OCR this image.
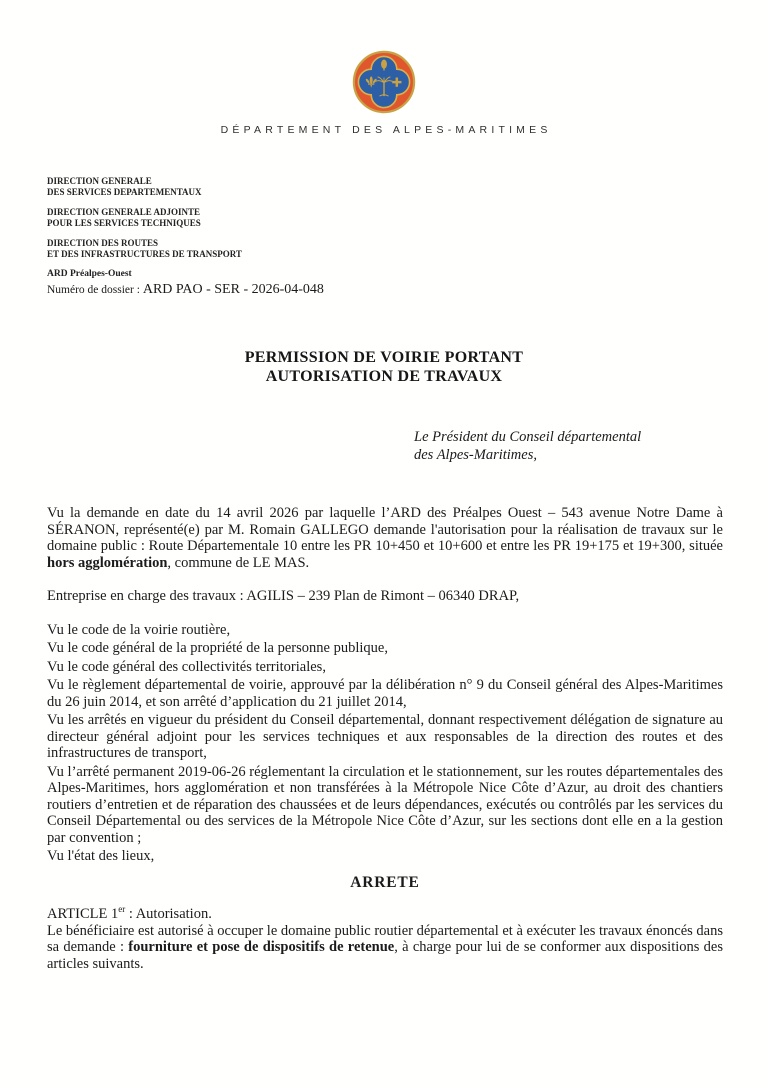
DÉPARTEMENT DES ALPES-MARITIMES
DIRECTION GENERALE
DES SERVICES DEPARTEMENTAUX
DIRECTION GENERALE ADJOINTE
POUR LES SERVICES TECHNIQUES
DIRECTION DES ROUTES
ET DES INFRASTRUCTURES DE TRANSPORT
ARD Préalpes-Ouest
Numéro de dossier : ARD PAO - SER - 2026-04-048
PERMISSION DE VOIRIE PORTANT
AUTORISATION DE TRAVAUX
Le Président du Conseil départemental
des Alpes-Maritimes,

Vu la demande en date du 14 avril 2026 par laquelle l’ARD des Préalpes Ouest – 543 avenue Notre Dame à SÉRANON, représenté(e) par M. Romain GALLEGO demande l'autorisation pour la réalisation de travaux sur le domaine public : Route Départementale 10 entre les PR 10+450 et 10+600 et entre les PR 19+175 et 19+300, située hors agglomération, commune de LE MAS.

Entreprise en charge des travaux : AGILIS – 239 Plan de Rimont – 06340 DRAP,

Vu le code de la voirie routière,

Vu le code général de la propriété de la personne publique,

Vu le code général des collectivités territoriales,

Vu le règlement départemental de voirie, approuvé par la délibération n° 9 du Conseil général des Alpes-Maritimes du 26 juin 2014, et son arrêté d’application du 21 juillet 2014,

Vu les arrêtés en vigueur du président du Conseil départemental, donnant respectivement délégation de signature au directeur général adjoint pour les services techniques et aux responsables de la direction des routes et des infrastructures de transport,

Vu l’arrêté permanent 2019-06-26 réglementant la circulation et le stationnement, sur les routes départementales des Alpes-Maritimes, hors agglomération et non transférées à la Métropole Nice Côte d’Azur, au droit des chantiers routiers d’entretien et de réparation des chaussées et de leurs dépendances, exécutés ou contrôlés par les services du Conseil Départemental ou des services de la Métropole Nice Côte d’Azur, sur les sections dont elle en a la gestion par convention ;

Vu l'état des lieux,

ARRETE

ARTICLE 1er : Autorisation.

Le bénéficiaire est autorisé à occuper le domaine public routier départemental et à exécuter les travaux énoncés dans sa demande : fourniture et pose de dispositifs de retenue, à charge pour lui de se conformer aux dispositions des articles suivants.
